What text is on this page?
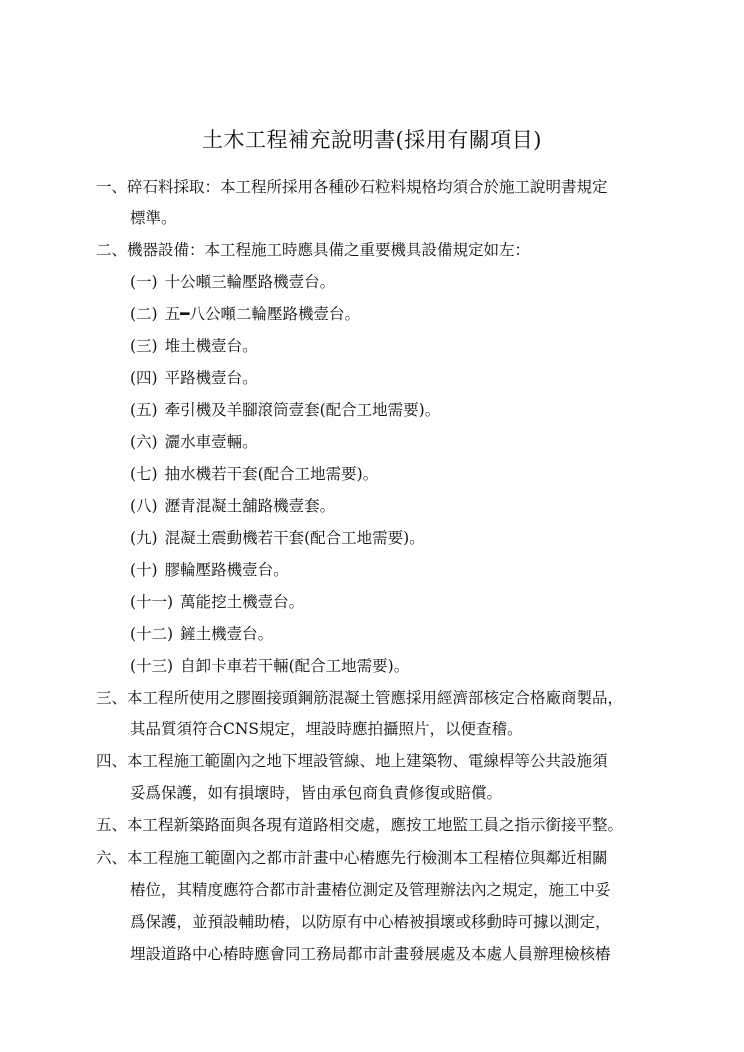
土木工程補充說明書(採用有關項目)
一、碎石料採取：本工程所採用各種砂石粒料規格均須合於施工說明書規定
標準。
二、機器設備：本工程施工時應具備之重要機具設備規定如左：
(一) 十公噸三輪壓路機壹台。
(二) 五━八公噸二輪壓路機壹台。
(三) 堆土機壹台。
(四) 平路機壹台。
(五) 牽引機及羊腳滾筒壹套(配合工地需要)。
(六) 灑水車壹輛。
(七) 抽水機若干套(配合工地需要)。
(八) 瀝青混凝土舖路機壹套。
(九) 混凝土震動機若干套(配合工地需要)。
(十) 膠輪壓路機壹台。
(十一) 萬能挖土機壹台。
(十二) 鏟土機壹台。
(十三) 自卸卡車若干輛(配合工地需要)。
三、本工程所使用之膠圈接頭鋼筋混凝土管應採用經濟部核定合格廠商製品，
其品質須符合CNS規定，埋設時應拍攝照片，以便查稽。
四、本工程施工範圍內之地下埋設管線、地上建築物、電線桿等公共設施須
妥爲保護，如有損壞時，皆由承包商負責修復或賠償。
五、本工程新築路面與各現有道路相交處，應按工地監工員之指示銜接平整。
六、本工程施工範圍內之都市計畫中心樁應先行檢測本工程樁位與鄰近相關
樁位，其精度應符合都市計畫樁位測定及管理辦法內之規定，施工中妥
爲保護，並預設輔助樁，以防原有中心樁被損壞或移動時可據以測定，
埋設道路中心樁時應會同工務局都市計畫發展處及本處人員辦理檢核樁
